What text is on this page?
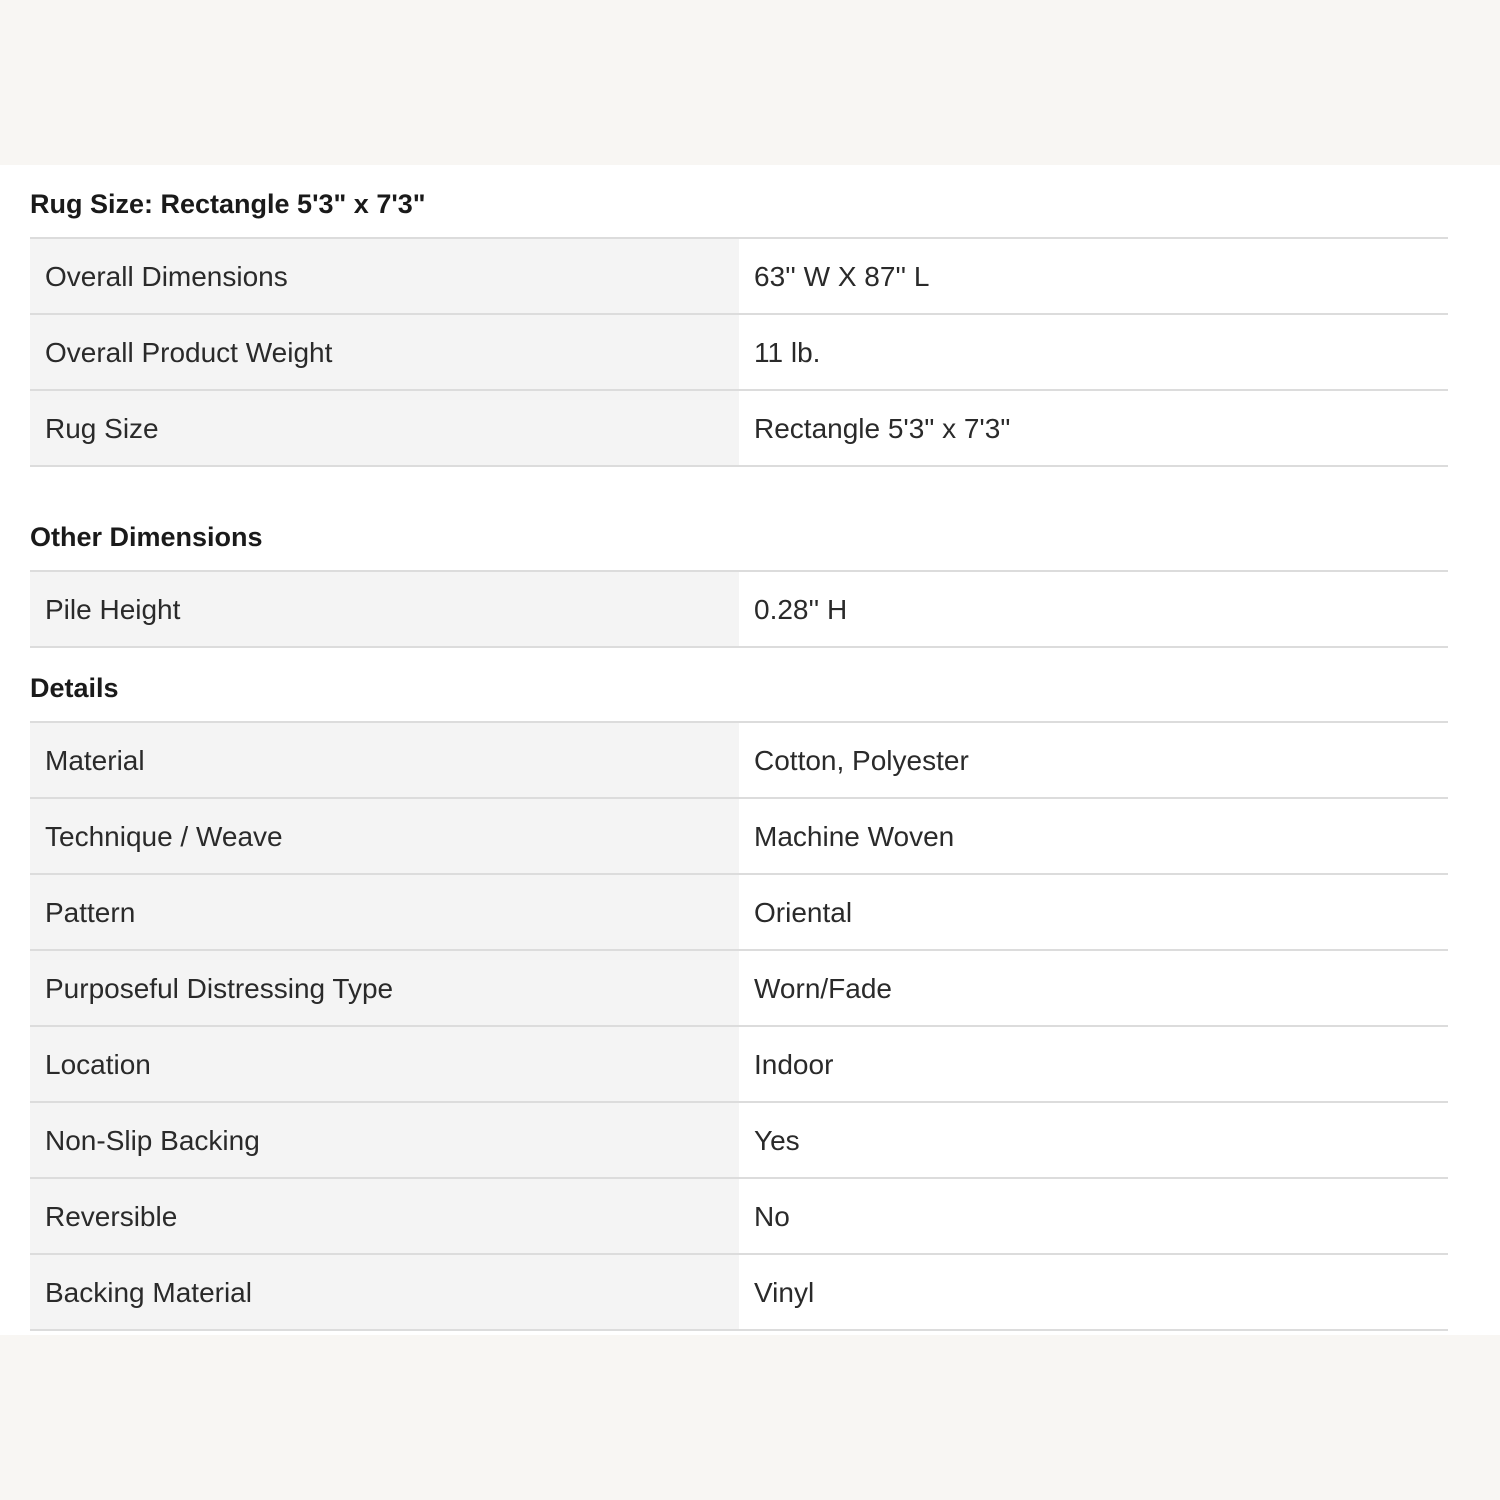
Rug Size: Rectangle 5'3" x 7'3"
Overall Dimensions	63'' W X 87'' L
Overall Product Weight	11 lb.
Rug Size	Rectangle 5'3" x 7'3"
Other Dimensions
Pile Height	0.28'' H
Details
Material	Cotton, Polyester
Technique / Weave	Machine Woven
Pattern	Oriental
Purposeful Distressing Type	Worn/Fade
Location	Indoor
Non-Slip Backing	Yes
Reversible	No
Backing Material	Vinyl
